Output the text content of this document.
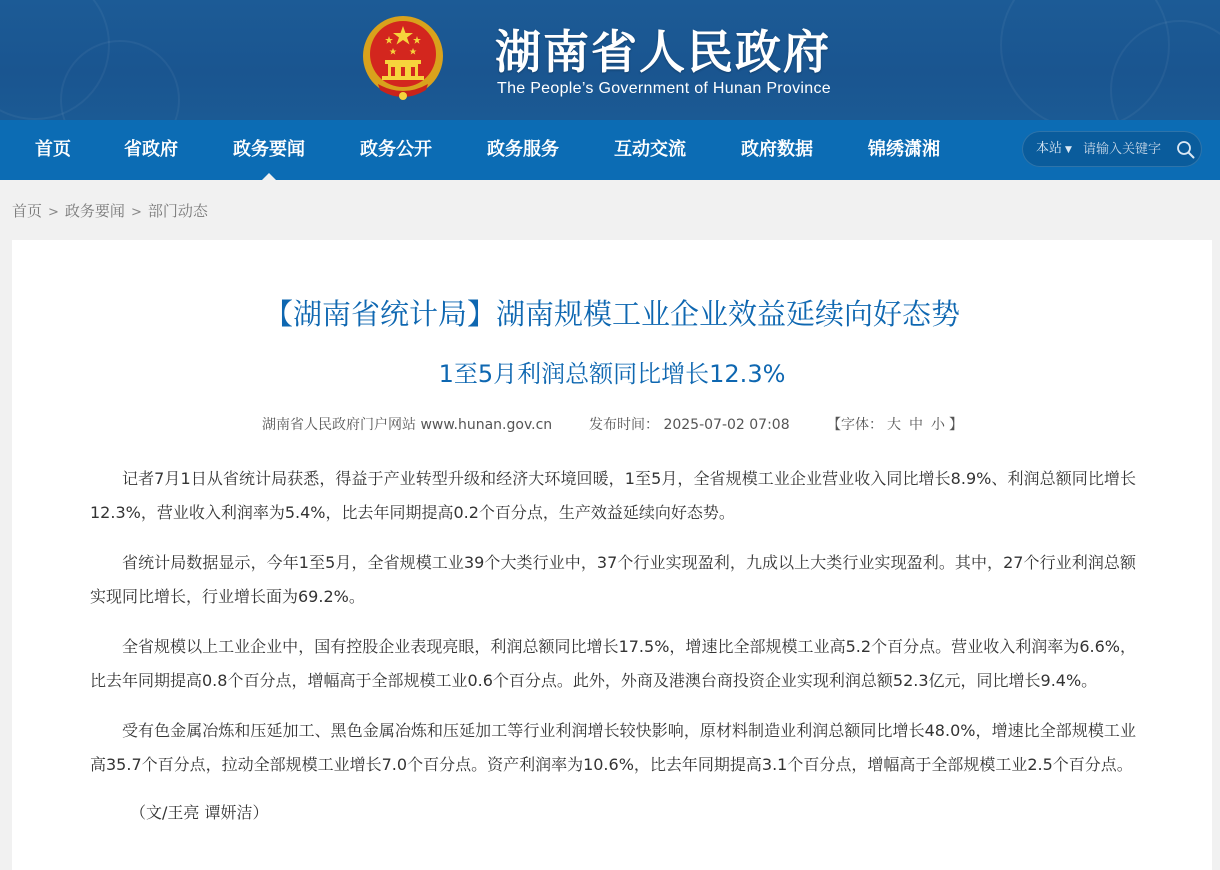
湖南省人民政府
The People’s Government of Hunan Province
首页	省政府	政务要闻	政务公开	政务服务	互动交流	政府数据	锦绣潇湘	本站 ▼
请输入关键字
首页 > 政务要闻 > 部门动态
【湖南省统计局】湖南规模工业企业效益延续向好态势
1至5月利润总额同比增长12.3%
湖南省人民政府门户网站 www.hunan.gov.cn	发布时间： 2025-07-02 07:08	【字体： 大 中 小 】

记者7月1日从省统计局获悉，得益于产业转型升级和经济大环境回暖，1至5月，全省规模工业企业营业收入同比增长8.9%、利润总额同比增长12.3%，营业收入利润率为5.4%，比去年同期提高0.2个百分点，生产效益延续向好态势。

省统计局数据显示，今年1至5月，全省规模工业39个大类行业中，37个行业实现盈利，九成以上大类行业实现盈利。其中，27个行业利润总额实现同比增长，行业增长面为69.2%。

全省规模以上工业企业中，国有控股企业表现亮眼，利润总额同比增长17.5%，增速比全部规模工业高5.2个百分点。营业收入利润率为6.6%，比去年同期提高0.8个百分点，增幅高于全部规模工业0.6个百分点。此外，外商及港澳台商投资企业实现利润总额52.3亿元，同比增长9.4%。

受有色金属冶炼和压延加工、黑色金属冶炼和压延加工等行业利润增长较快影响，原材料制造业利润总额同比增长48.0%，增速比全部规模工业高35.7个百分点，拉动全部规模工业增长7.0个百分点。资产利润率为10.6%，比去年同期提高3.1个百分点，增幅高于全部规模工业2.5个百分点。

（文/王亮 谭妍洁）
